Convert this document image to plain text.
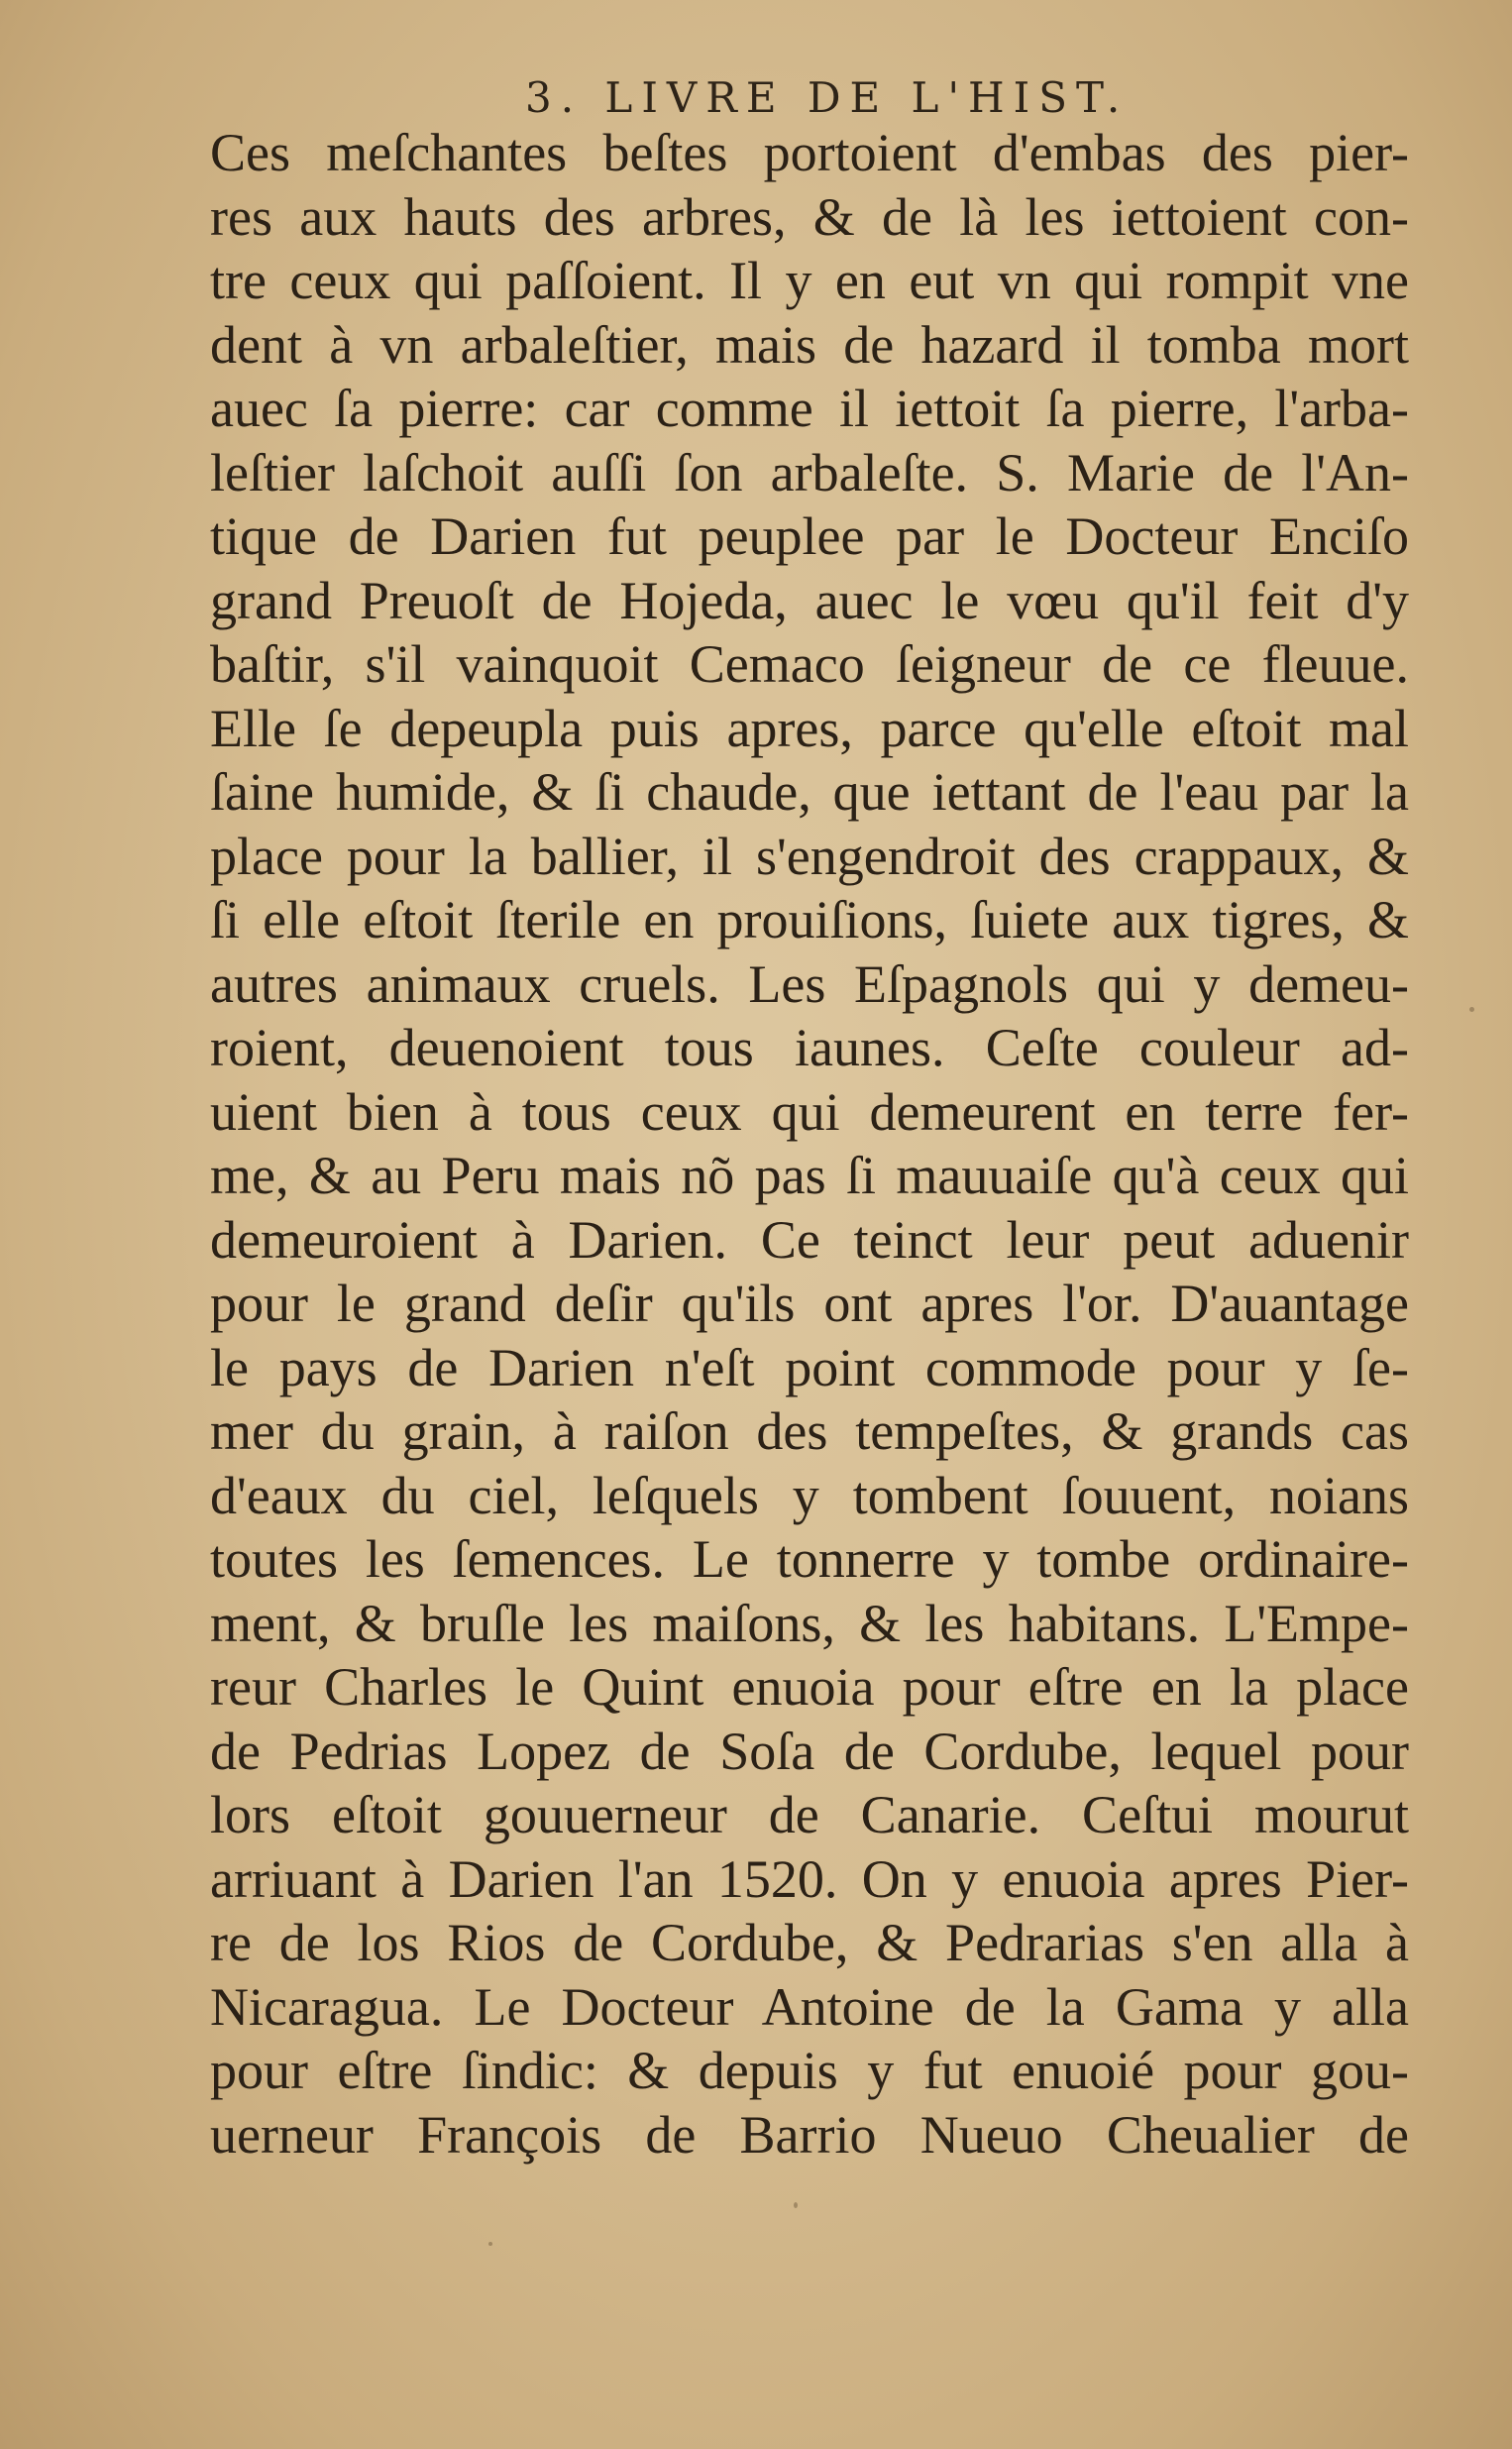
3. LIVRE DE L'HIST.
Ces meſchantes beſtes portoient d'embas des pier-
res aux hauts des arbres, & de là les iettoient con-
tre ceux qui paſſoient. Il y en eut vn qui rompit vne
dent à vn arbaleſtier, mais de hazard il tomba mort
auec ſa pierre: car comme il iettoit ſa pierre, l'arba-
leſtier laſchoit auſſi ſon arbaleſte. S. Marie de l'An-
tique de Darien fut peuplee par le Docteur Enciſo
grand Preuoſt de Hojeda, auec le vœu qu'il feit d'y
baſtir, s'il vainquoit Cemaco ſeigneur de ce fleuue.
Elle ſe depeupla puis apres, parce qu'elle eſtoit mal
ſaine humide, & ſi chaude, que iettant de l'eau par la
place pour la ballier, il s'engendroit des crappaux, &
ſi elle eſtoit ſterile en prouiſions, ſuiete aux tigres, &
autres animaux cruels. Les Eſpagnols qui y demeu-
roient, deuenoient tous iaunes. Ceſte couleur ad-
uient bien à tous ceux qui demeurent en terre fer-
me, & au Peru mais nõ pas ſi mauuaiſe qu'à ceux qui
demeuroient à Darien. Ce teinct leur peut aduenir
pour le grand deſir qu'ils ont apres l'or. D'auantage
le pays de Darien n'eſt point commode pour y ſe-
mer du grain, à raiſon des tempeſtes, & grands cas
d'eaux du ciel, leſquels y tombent ſouuent, noians
toutes les ſemences. Le tonnerre y tombe ordinaire-
ment, & bruſle les maiſons, & les habitans. L'Empe-
reur Charles le Quint enuoia pour eſtre en la place
de Pedrias Lopez de Soſa de Cordube, lequel pour
lors eſtoit gouuerneur de Canarie. Ceſtui mourut
arriuant à Darien l'an 1520. On y enuoia apres Pier-
re de los Rios de Cordube, & Pedrarias s'en alla à
Nicaragua. Le Docteur Antoine de la Gama y alla
pour eſtre ſindic: & depuis y fut enuoié pour gou-
uerneur François de Barrio Nueuo Cheualier de
